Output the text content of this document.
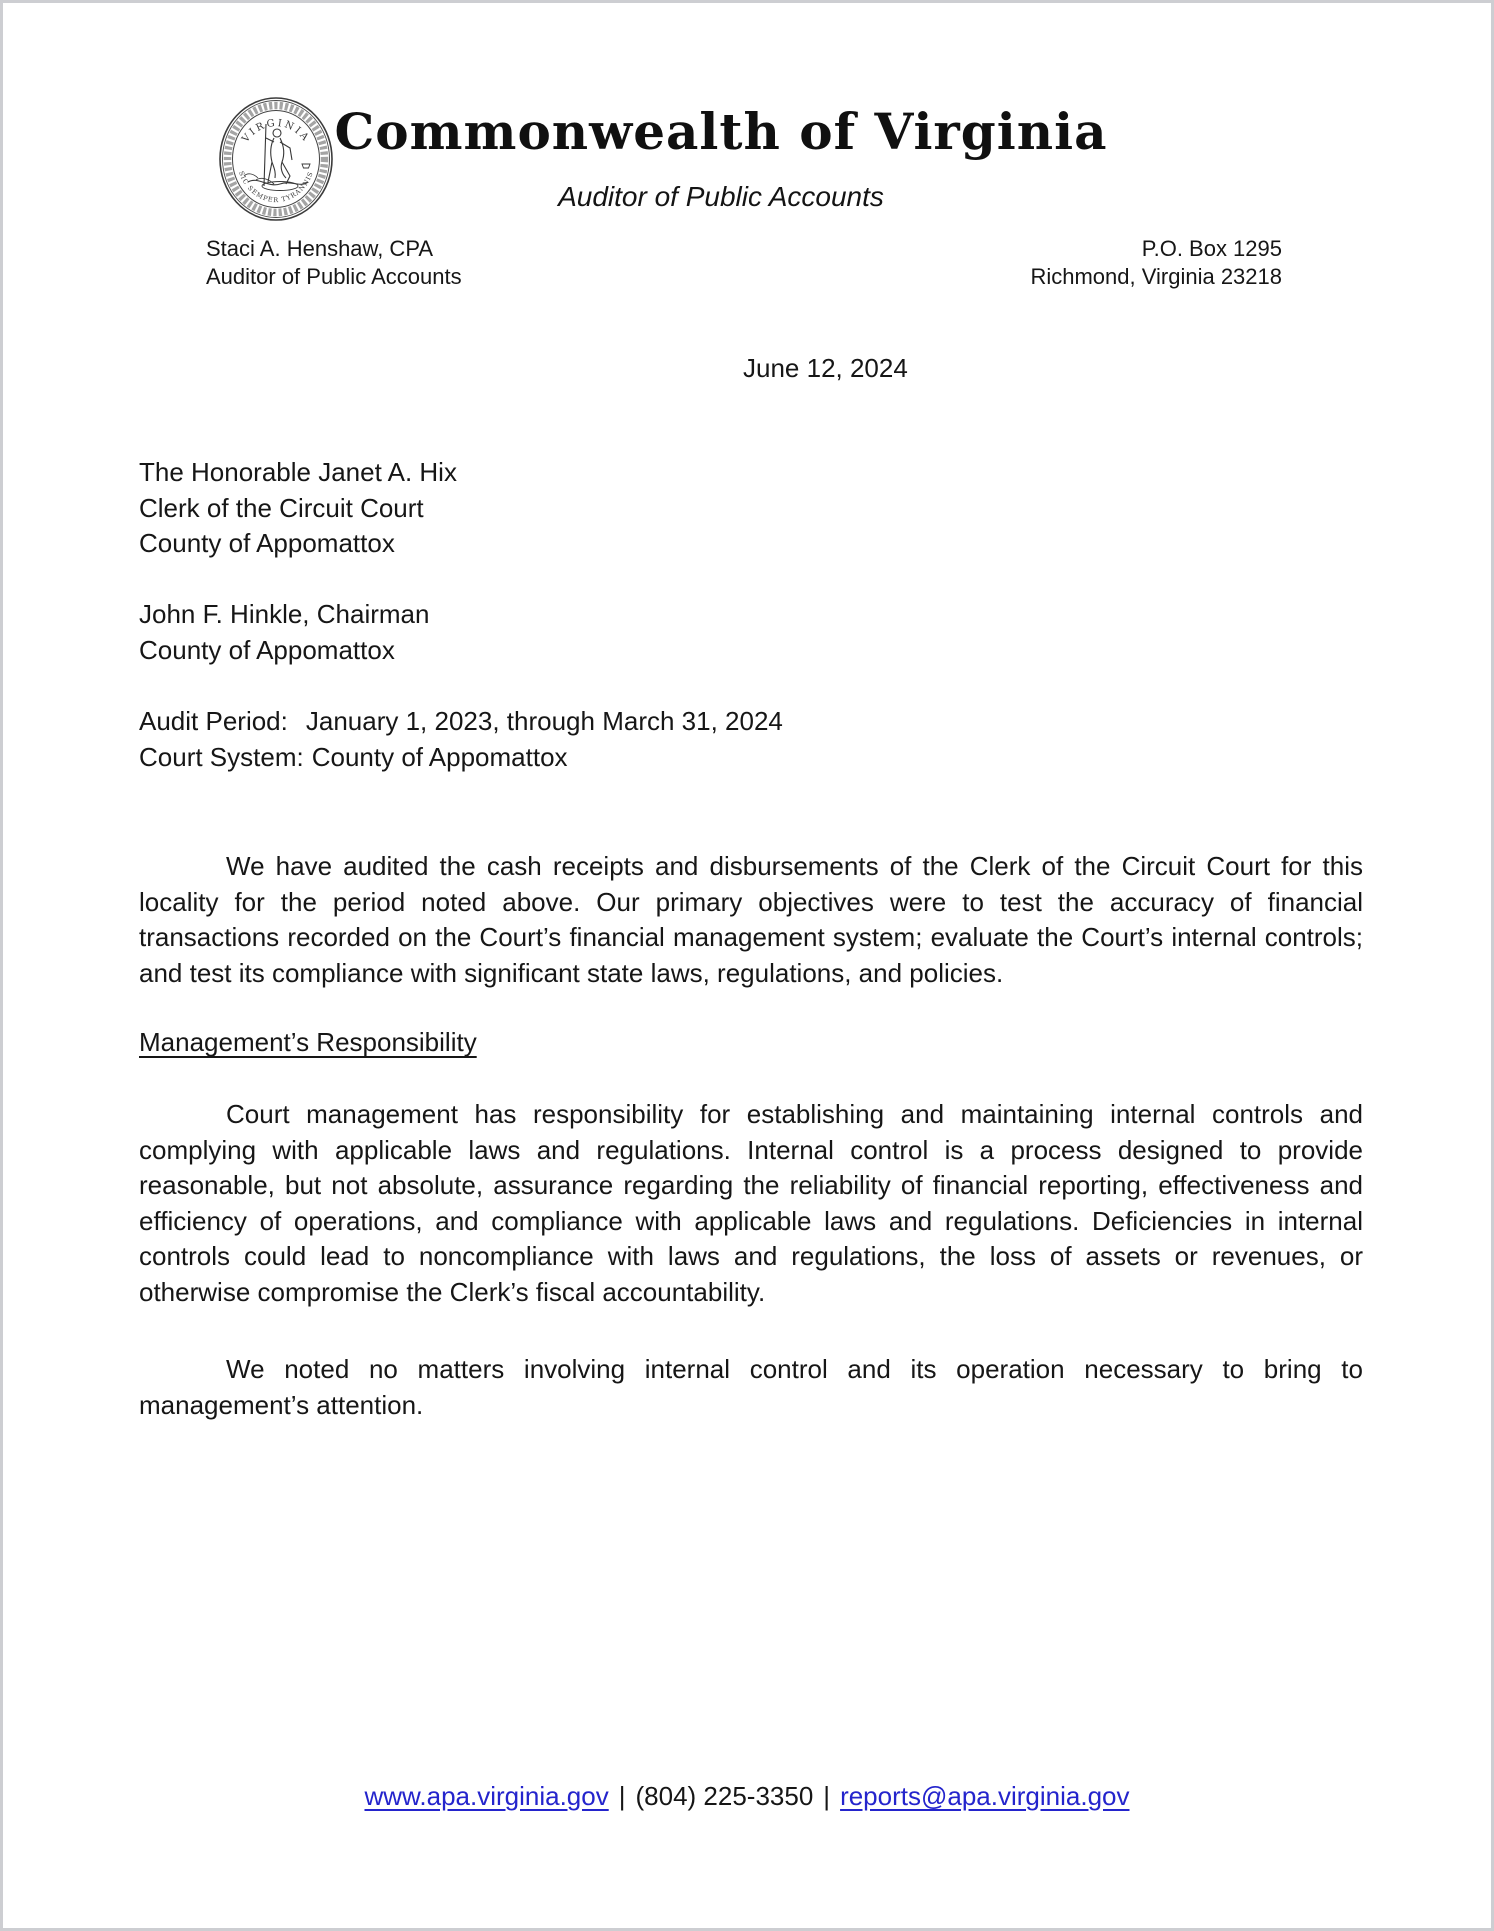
VIRGINIA
SIC SEMPER TYRANNIS
Commonwealth of Virginia
Auditor of Public Accounts
Staci A. Henshaw, CPA
Auditor of Public Accounts
P.O. Box 1295
Richmond, Virginia 23218
June 12, 2024
The Honorable Janet A. Hix
Clerk of the Circuit Court
County of Appomattox
John F. Hinkle, Chairman
County of Appomattox
Audit Period: January 1, 2023, through March 31, 2024
Court System: County of Appomattox
We have audited the cash receipts and disbursements of the Clerk of the Circuit Court for this locality for the period noted above. Our primary objectives were to test the accuracy of financial transactions recorded on the Court’s financial management system; evaluate the Court’s internal controls; and test its compliance with significant state laws, regulations, and policies.
Management’s Responsibility
Court management has responsibility for establishing and maintaining internal controls and complying with applicable laws and regulations. Internal control is a process designed to provide reasonable, but not absolute, assurance regarding the reliability of financial reporting, effectiveness and efficiency of operations, and compliance with applicable laws and regulations. Deficiencies in internal controls could lead to noncompliance with laws and regulations, the loss of assets or revenues, or otherwise compromise the Clerk’s fiscal accountability.
We noted no matters involving internal control and its operation necessary to bring to management’s attention.
www.apa.virginia.gov | (804) 225-3350 | reports@apa.virginia.gov
